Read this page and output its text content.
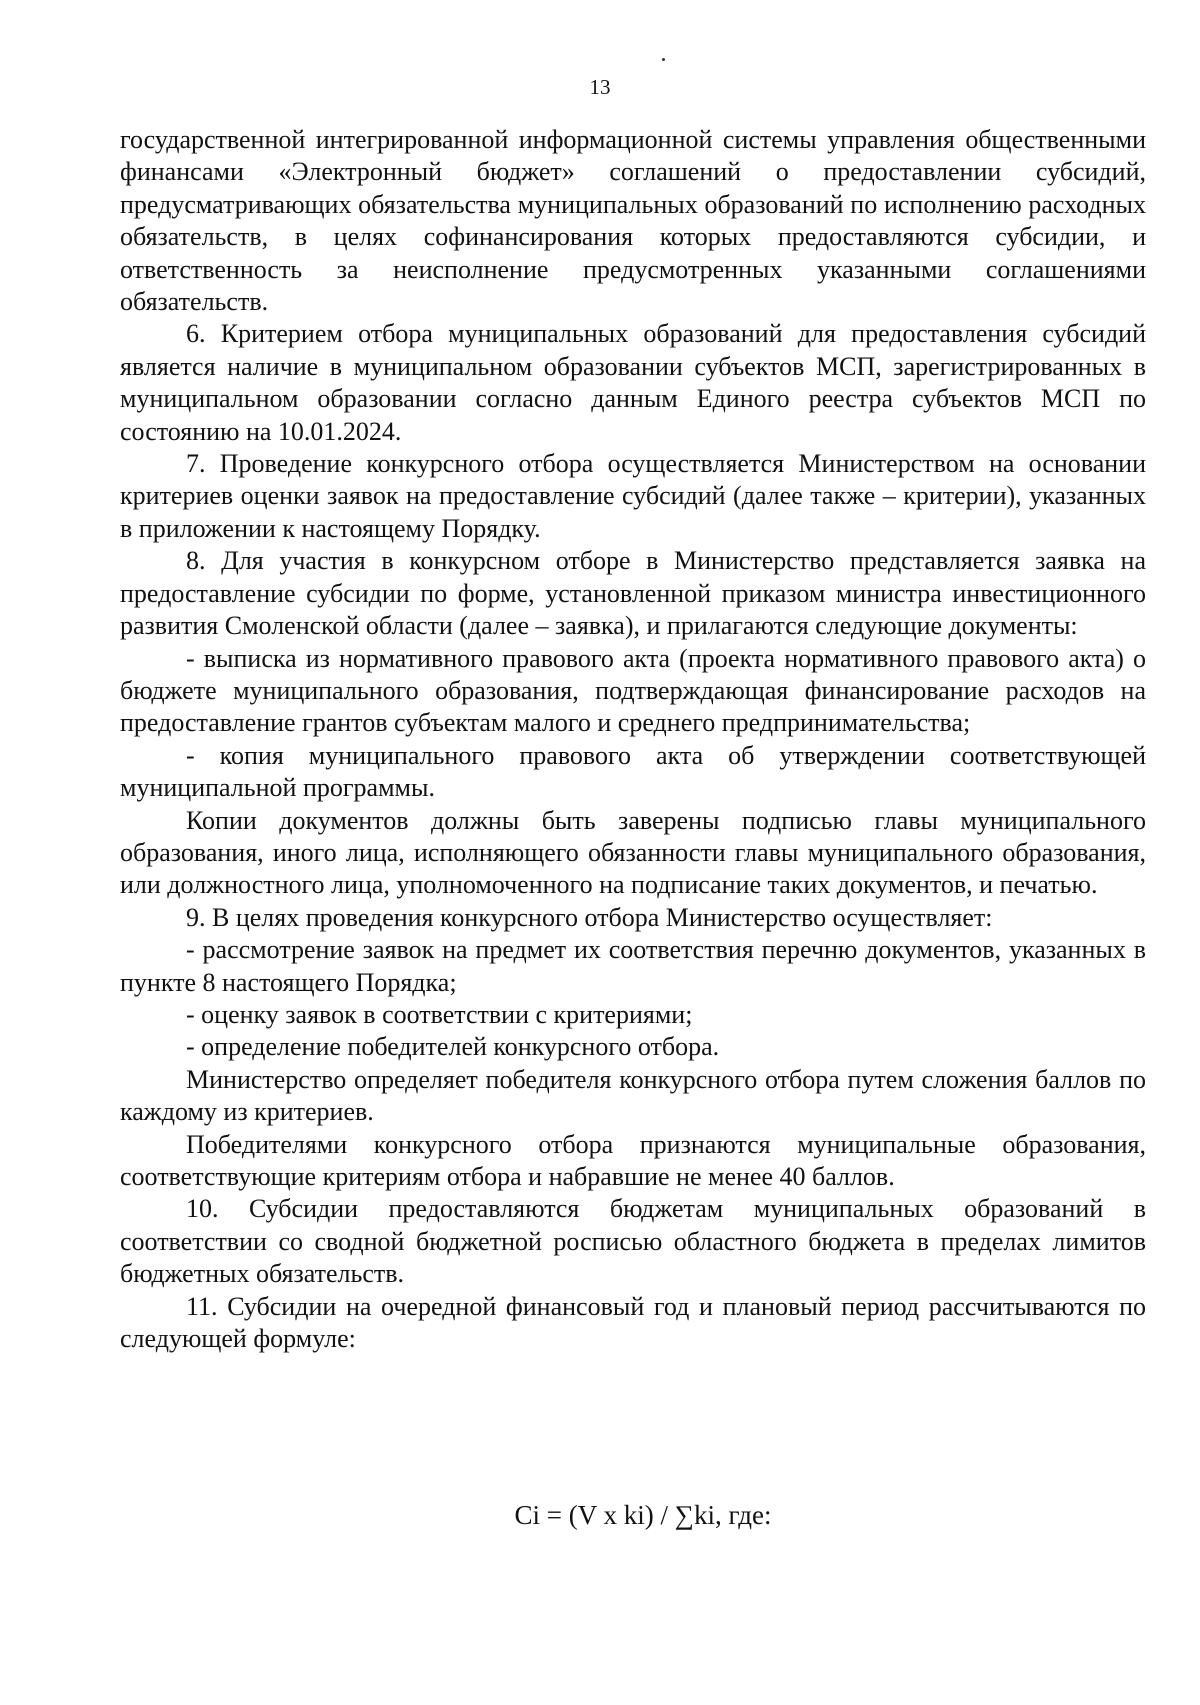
13

государственной интегрированной информационной системы управления общественными финансами «Электронный бюджет» соглашений о предоставлении субсидий, предусматривающих обязательства муниципальных образований по исполнению расходных обязательств, в целях софинансирования которых предоставляются субсидии, и ответственность за неисполнение предусмотренных указанными соглашениями обязательств.

6. Критерием отбора муниципальных образований для предоставления субсидий является наличие в муниципальном образовании субъектов МСП, зарегистрированных в муниципальном образовании согласно данным Единого реестра субъектов МСП по состоянию на 10.01.2024.

7. Проведение конкурсного отбора осуществляется Министерством на основании критериев оценки заявок на предоставление субсидий (далее также – критерии), указанных в приложении к настоящему Порядку.

8. Для участия в конкурсном отборе в Министерство представляется заявка на предоставление субсидии по форме, установленной приказом министра инвестиционного развития Смоленской области (далее – заявка), и прилагаются следующие документы:

- выписка из нормативного правового акта (проекта нормативного правового акта) о бюджете муниципального образования, подтверждающая финансирование расходов на предоставление грантов субъектам малого и среднего предпринимательства;

- копия муниципального правового акта об утверждении соответствующей муниципальной программы.

Копии документов должны быть заверены подписью главы муниципального образования, иного лица, исполняющего обязанности главы муниципального образования, или должностного лица, уполномоченного на подписание таких документов, и печатью.

9. В целях проведения конкурсного отбора Министерство осуществляет:

- рассмотрение заявок на предмет их соответствия перечню документов, указанных в пункте 8 настоящего Порядка;

- оценку заявок в соответствии с критериями;

- определение победителей конкурсного отбора.

Министерство определяет победителя конкурсного отбора путем сложения баллов по каждому из критериев.

Победителями конкурсного отбора признаются муниципальные образования, соответствующие критериям отбора и набравшие не менее 40 баллов.

10. Субсидии предоставляются бюджетам муниципальных образований в соответствии со сводной бюджетной росписью областного бюджета в пределах лимитов бюджетных обязательств.

11. Субсидии на очередной финансовый год и плановый период рассчитываются по следующей формуле:

Ci = (V x ki) / ∑ki, где:
